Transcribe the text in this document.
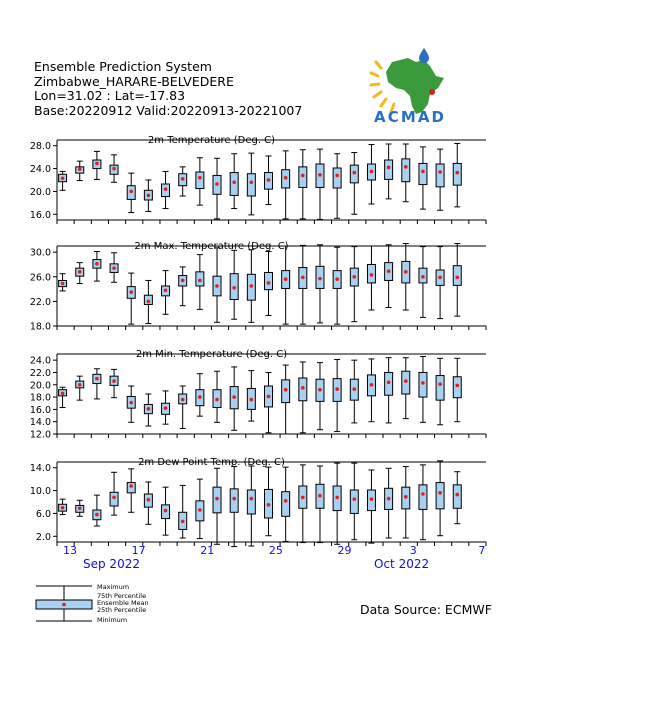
Ensemble Prediction System
Zimbabwe_HARARE-BELVEDERE
Lon=31.02 : Lat=-17.83
Base:20220912 Valid:20220913-20221007	ACMAD
2m Temperature (Deg. C)
28.0
24.0
20.0
16.0
2m Max. Temperature (Deg. C)
30.0
26.0
22.0
18.0
2m Min. Temperature (Deg. C)
24.0
22.0
20.0
18.0
16.0
14.0
12.0
2m Dew Point Temp. (Deg. C)
14.0
10.0
6.0
2.0
13	17	21	25	29	3	7
Sep 2022	Oct 2022
Maximum
75th Percentile
Ensemble Mean
25th Percentile
Minimum
Data Source: ECMWF
